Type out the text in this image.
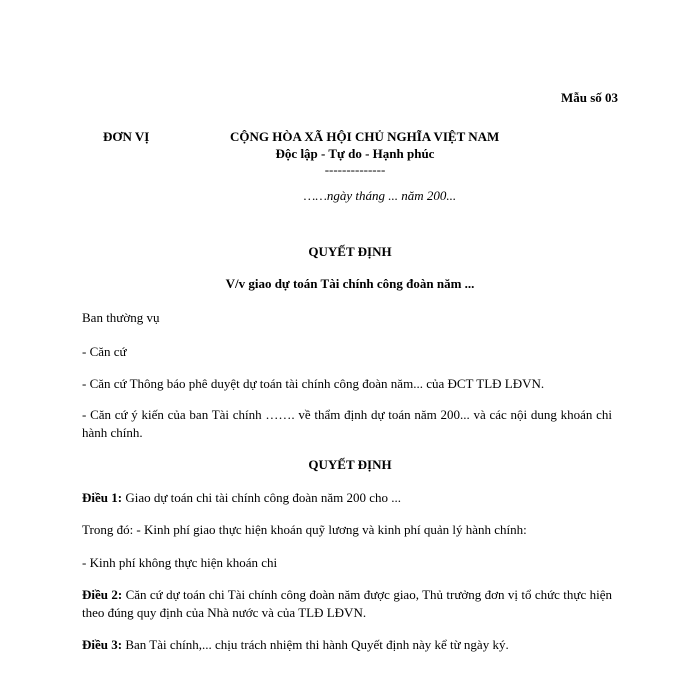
Mẫu số 03
ĐƠN VỊ	CỘNG HÒA XÃ HỘI CHỦ NGHĨA VIỆT NAM
Độc lập - Tự do - Hạnh phúc
--------------
……ngày tháng ... năm 200...
QUYẾT ĐỊNH
V/v giao dự toán Tài chính công đoàn năm ...
Ban thường vụ
- Căn cứ
- Căn cứ Thông báo phê duyệt dự toán tài chính công đoàn năm... của ĐCT TLĐ LĐVN.
- Căn cứ ý kiến của ban Tài chính ……. về thẩm định dự toán năm 200... và các nội dung khoán chi hành chính.
QUYẾT ĐỊNH
Điều 1: Giao dự toán chi tài chính công đoàn năm 200 cho ...
Trong đó: - Kinh phí giao thực hiện khoán quỹ lương và kinh phí quản lý hành chính:
- Kinh phí không thực hiện khoán chi
Điều 2: Căn cứ dự toán chi Tài chính công đoàn năm được giao, Thủ trưởng đơn vị tổ chức thực hiện theo đúng quy định của Nhà nước và của TLĐ LĐVN.
Điều 3: Ban Tài chính,... chịu trách nhiệm thi hành Quyết định này kể từ ngày ký.
